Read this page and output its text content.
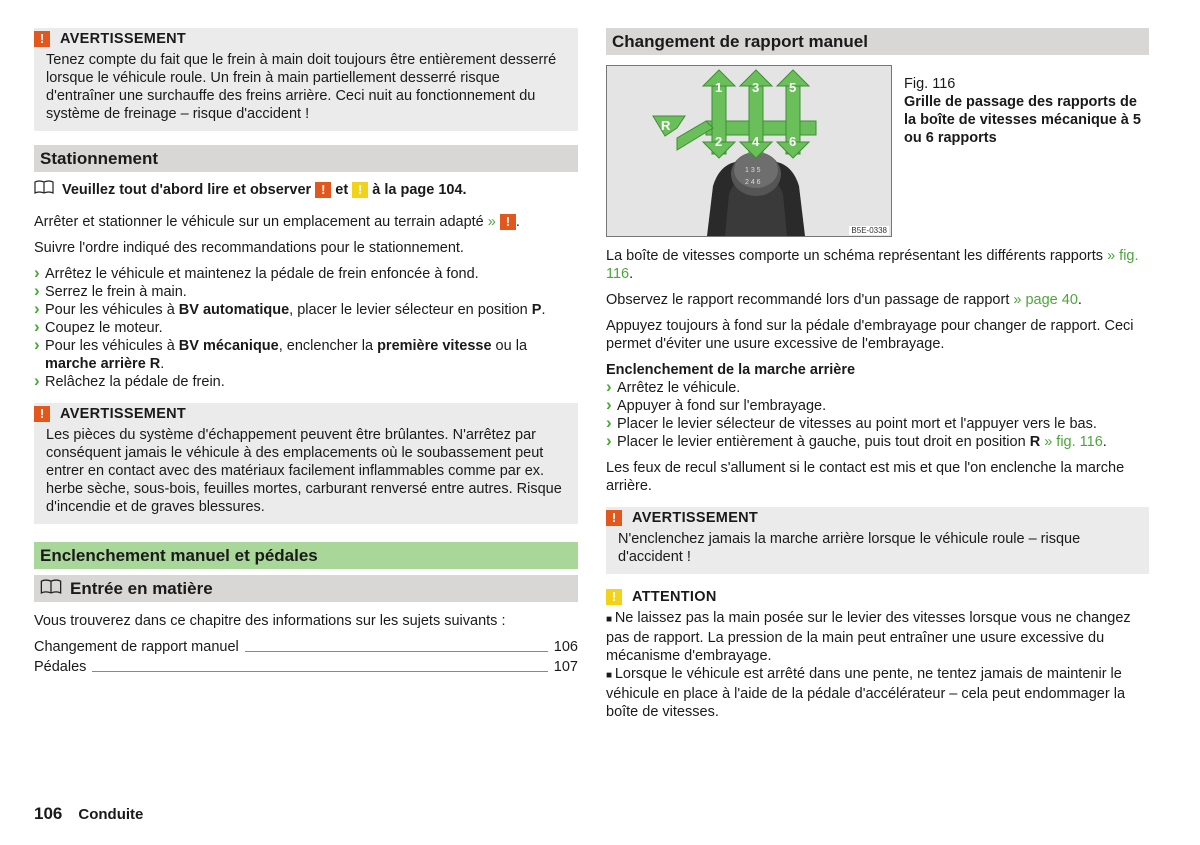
!	AVERTISSEMENT

Tenez compte du fait que le frein à main doit toujours être entièrement desserré lorsque le véhicule roule. Un frein à main partiellement desserré risque d'entraîner une surchauffe des freins arrière. Ceci nuit au fonctionnement du système de freinage – risque d'accident !

Stationnement
Veuillez tout d'abord lire et observer
!
et
!
à la page 104.

Arrêter et stationner le véhicule sur un emplacement au terrain adapté » ! .

Suivre l'ordre indiqué des recommandations pour le stationnement.

› Arrêtez le véhicule et maintenez la pédale de frein enfoncée à fond.
› Serrez le frein à main.
› Pour les véhicules à BV automatique, placer le levier sélecteur en position P.
› Coupez le moteur.
› Pour les véhicules à BV mécanique, enclencher la première vitesse ou la marche arrière R.
› Relâchez la pédale de frein.
!	AVERTISSEMENT

Les pièces du système d'échappement peuvent être brûlantes. N'arrêtez par conséquent jamais le véhicule à des emplacements où le soubassement peut entrer en contact avec des matériaux facilement inflammables comme par ex. herbe sèche, sous-bois, feuilles mortes, carburant renversé entre autres. Risque d'incendie et de graves blessures.

Enclenchement manuel et pédales
Entrée en matière

Vous trouverez dans ce chapitre des informations sur les sujets suivants :

Changement de rapport manuel	106
Pédales	107
Changement de rapport manuel
R
1 3 5
2 4 6
1 3 5
2 4 6
B5E-0338
Fig. 116
Grille de passage des rapports de la boîte de vitesses mécanique à 5 ou 6 rapports

La boîte de vitesses comporte un schéma représentant les différents rapports » fig. 116.

Observez le rapport recommandé lors d'un passage de rapport » page 40.

Appuyez toujours à fond sur la pédale d'embrayage pour changer de rapport. Ceci permet d'éviter une usure excessive de l'embrayage.

Enclenchement de la marche arrière

› Arrêtez le véhicule.
› Appuyer à fond sur l'embrayage.
› Placer le levier sélecteur de vitesses au point mort et l'appuyer vers le bas.
› Placer le levier entièrement à gauche, puis tout droit en position R » fig. 116.

Les feux de recul s'allument si le contact est mis et que l'on enclenche la marche arrière.

!	AVERTISSEMENT

N'enclenchez jamais la marche arrière lorsque le véhicule roule – risque d'accident !

!	ATTENTION

■ Ne laissez pas la main posée sur le levier des vitesses lorsque vous ne changez pas de rapport. La pression de la main peut entraîner une usure excessive du mécanisme d'embrayage.

■ Lorsque le véhicule est arrêté dans une pente, ne tentez jamais de maintenir le véhicule en place à l'aide de la pédale d'accélérateur – cela peut endommager la boîte de vitesses.

106 Conduite
